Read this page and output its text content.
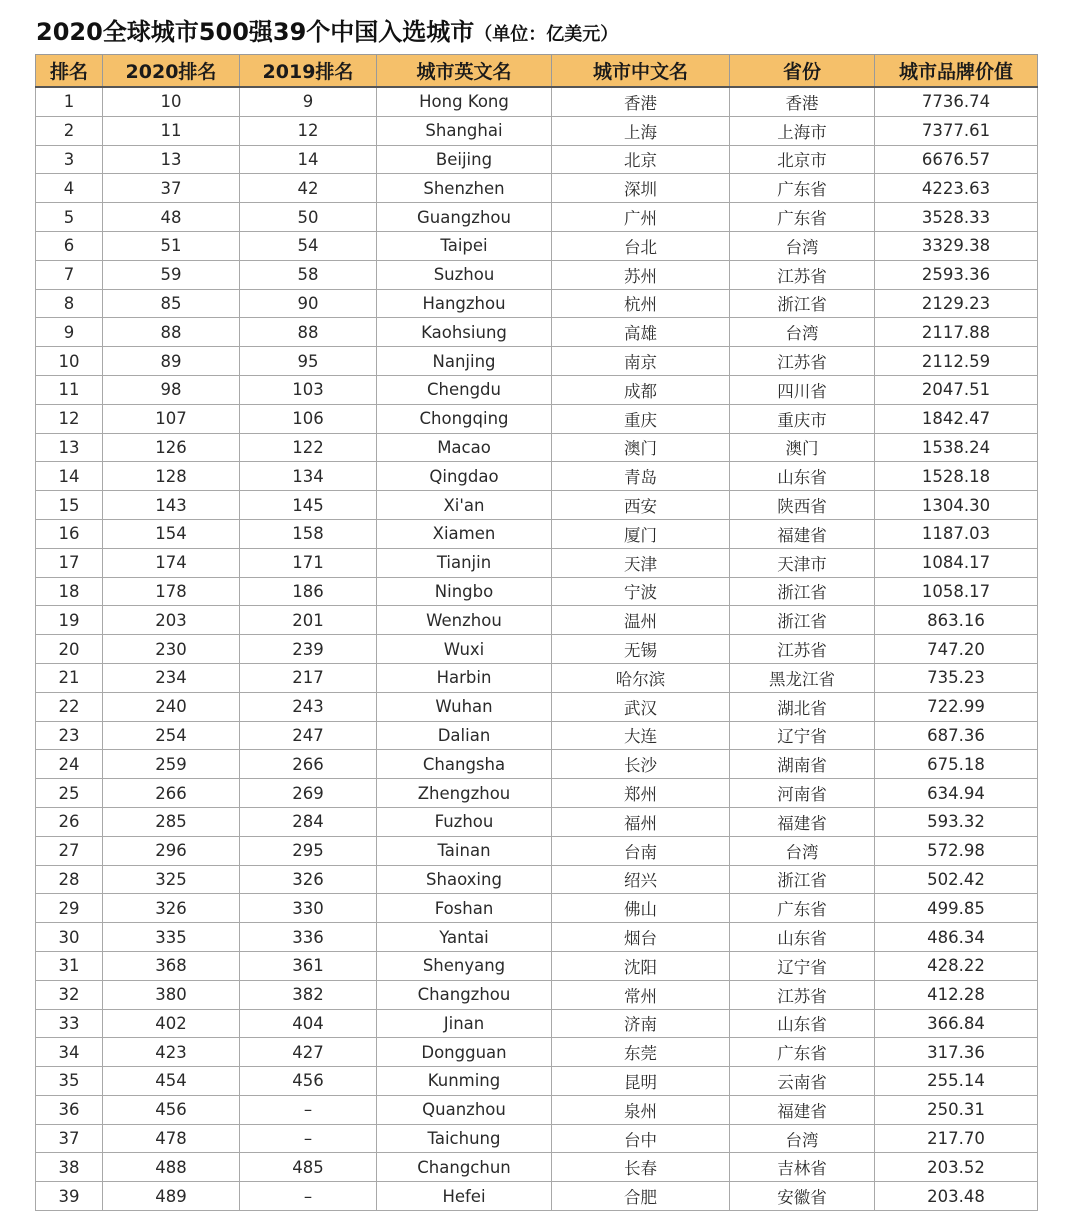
2020全球城市500强39个中国入选城市（单位：亿美元）
排名	2020排名	2019排名	城市英文名	城市中文名	省份	城市品牌价值
1	10	9	Hong Kong	香港	香港	7736.74
2	11	12	Shanghai	上海	上海市	7377.61
3	13	14	Beijing	北京	北京市	6676.57
4	37	42	Shenzhen	深圳	广东省	4223.63
5	48	50	Guangzhou	广州	广东省	3528.33
6	51	54	Taipei	台北	台湾	3329.38
7	59	58	Suzhou	苏州	江苏省	2593.36
8	85	90	Hangzhou	杭州	浙江省	2129.23
9	88	88	Kaohsiung	高雄	台湾	2117.88
10	89	95	Nanjing	南京	江苏省	2112.59
11	98	103	Chengdu	成都	四川省	2047.51
12	107	106	Chongqing	重庆	重庆市	1842.47
13	126	122	Macao	澳门	澳门	1538.24
14	128	134	Qingdao	青岛	山东省	1528.18
15	143	145	Xi'an	西安	陕西省	1304.30
16	154	158	Xiamen	厦门	福建省	1187.03
17	174	171	Tianjin	天津	天津市	1084.17
18	178	186	Ningbo	宁波	浙江省	1058.17
19	203	201	Wenzhou	温州	浙江省	863.16
20	230	239	Wuxi	无锡	江苏省	747.20
21	234	217	Harbin	哈尔滨	黑龙江省	735.23
22	240	243	Wuhan	武汉	湖北省	722.99
23	254	247	Dalian	大连	辽宁省	687.36
24	259	266	Changsha	长沙	湖南省	675.18
25	266	269	Zhengzhou	郑州	河南省	634.94
26	285	284	Fuzhou	福州	福建省	593.32
27	296	295	Tainan	台南	台湾	572.98
28	325	326	Shaoxing	绍兴	浙江省	502.42
29	326	330	Foshan	佛山	广东省	499.85
30	335	336	Yantai	烟台	山东省	486.34
31	368	361	Shenyang	沈阳	辽宁省	428.22
32	380	382	Changzhou	常州	江苏省	412.28
33	402	404	Jinan	济南	山东省	366.84
34	423	427	Dongguan	东莞	广东省	317.36
35	454	456	Kunming	昆明	云南省	255.14
36	456	–	Quanzhou	泉州	福建省	250.31
37	478	–	Taichung	台中	台湾	217.70
38	488	485	Changchun	长春	吉林省	203.52
39	489	–	Hefei	合肥	安徽省	203.48
